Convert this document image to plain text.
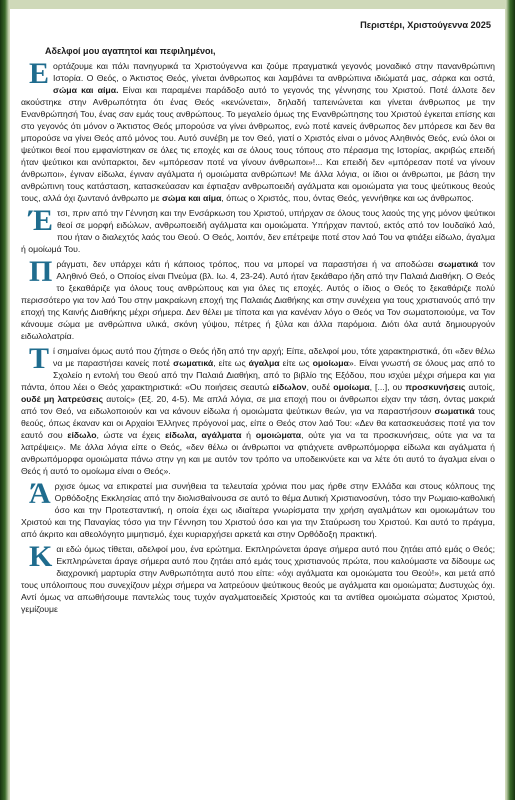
Περιστέρι, Χριστούγεννα 2025
Αδελφοί μου αγαπητοί και πεφιλημένοι,
Εορτάζουμε και πάλι πανηγυρικά τα Χριστούγεννα και ζούμε πραγματικά γεγονός μοναδικό στην πανανθρώπινη Ιστορία. Ο Θεός, ο Άκτιστος Θεός, γίνεται άνθρωπος και λαμβάνει τα ανθρώπινα ιδιώματά μας, σάρκα και οστά, σώμα και αίμα. Είναι και παραμένει παράδοξο αυτό το γεγονός της γέννησης του Χριστού. Ποτέ άλλοτε δεν ακούστηκε στην Ανθρωπότητα ότι ένας Θεός «κενώνεται», δηλαδή ταπεινώνεται και γίνεται άνθρωπος με την Ενανθρώπησή Του, ένας σαν εμάς τους ανθρώπους. Το μεγαλείο όμως της Ενανθρώπησης του Χριστού έγκειται επίσης και στο γεγονός ότι μόνον ο Άκτιστος Θεός μπορούσε να γίνει άνθρωπος, ενώ ποτέ κανείς άνθρωπος δεν μπόρεσε και δεν θα μπορούσε να γίνει Θεός από μόνος του. Αυτό συνέβη με τον Θεό, γιατί ο Χριστός είναι ο μόνος Αληθινός Θεός, ενώ όλοι οι ψεύτικοι θεοί που εμφανίστηκαν σε όλες τις εποχές και σε όλους τους τόπους στο πέρασμα της Ιστορίας, ακριβώς επειδή ήταν ψεύτικοι και ανύπαρκτοι, δεν «μπόρεσαν ποτέ να γίνουν άνθρωποι»!... Και επειδή δεν «μπόρεσαν ποτέ να γίνουν άνθρωποι», έγιναν είδωλα, έγιναν αγάλματα ή ομοιώματα ανθρώπων! Με άλλα λόγια, οι ίδιοι οι άνθρωποι, με βάση την ανθρώπινη τους κατάσταση, κατασκεύασαν και έφτιαξαν ανθρωποειδή αγάλματα και ομοιώματα για τους ψεύτικους θεούς τους, αλλά όχι ζωντανό άνθρωπο με σώμα και αίμα, όπως ο Χριστός, που, όντας Θεός, γεννήθηκε και ως άνθρωπος.
Έτσι, πριν από την Γέννηση και την Ενσάρκωση του Χριστού, υπήρχαν σε όλους τους λαούς της γης μόνον ψεύτικοι θεοί σε μορφή ειδώλων, ανθρωποειδή αγάλματα και ομοιώματα. Υπήρχαν παντού, εκτός από τον Ιουδαϊκό λαό, που ήταν ο διαλεχτός λαός του Θεού. Ο Θεός, λοιπόν, δεν επέτρεψε ποτέ στον λαό Του να φτιάξει είδωλο, άγαλμα ή ομοίωμά Του.
Πράγματι, δεν υπάρχει κάτι ή κάποιος τρόπος, που να μπορεί να παραστήσει ή να αποδώσει σωματικά τον Αληθινό Θεό, ο Οποίος είναι Πνεύμα (βλ. Ιω. 4, 23-24). Αυτό ήταν ξεκάθαρο ήδη από την Παλαιά Διαθήκη. Ο Θεός το ξεκαθάριζε για όλους τους ανθρώπους και για όλες τις εποχές. Αυτός ο ίδιος ο Θεός το ξεκαθάριζε πολύ περισσότερο για τον λαό Του στην μακραίωνη εποχή της Παλαιάς Διαθήκης και στην συνέχεια για τους χριστιανούς από την εποχή της Καινής Διαθήκης μέχρι σήμερα. Δεν θέλει με τίποτα και για κανέναν λόγο ο Θεός να Τον σωματοποιούμε, να Τον κάνουμε σώμα με ανθρώπινα υλικά, σκόνη γύψου, πέτρες ή ξύλα και άλλα παρόμοια. Διότι όλα αυτά δημιουργούν ειδωλολατρία.
Τί σημαίνει όμως αυτό που ζήτησε ο Θεός ήδη από την αρχή; Είπε, αδελφοί μου, τότε χαρακτηριστικά, ότι «δεν θέλω να με παραστήσει κανείς ποτέ σωματικά, είτε ως άγαλμα είτε ως ομοίωμα». Είναι γνωστή σε όλους μας από το Σχολείο η εντολή του Θεού από την Παλαιά Διαθήκη, από το βιβλίο της Εξόδου, που ισχύει μέχρι σήμερα και για πάντα, όπου λέει ο Θεός χαρακτηριστικά: «Ου ποιήσεις σεαυτώ είδωλον, ουδέ ομοίωμα, [...], ου προσκυνήσεις αυτοίς, ουδέ μη λατρεύσεις αυτοίς» (Εξ. 20, 4-5). Με απλά λόγια, σε μια εποχή που οι άνθρωποι είχαν την τάση, όντας μακριά από τον Θεό, να ειδωλοποιούν και να κάνουν είδωλα ή ομοιώματα ψεύτικων θεών, για να παραστήσουν σωματικά τους θεούς, όπως έκαναν και οι Αρχαίοι Έλληνες πρόγονοί μας, είπε ο Θεός στον λαό Του: «Δεν θα κατασκευάσεις ποτέ για τον εαυτό σου είδωλο, ώστε να έχεις είδωλα, αγάλματα ή ομοιώματα, ούτε για να τα προσκυνήσεις, ούτε για να τα λατρέψεις». Με άλλα λόγια είπε ο Θεός, «δεν θέλω οι άνθρωποι να φτιάχνετε ανθρωπόμορφα είδωλα και αγάλματα ή ανθρωπόμορφα ομοιώματα πάνω στην γη και με αυτόν τον τρόπο να υποδεικνύετε και να λέτε ότι αυτό το άγαλμα είναι ο Θεός ή αυτό το ομοίωμα είναι ο Θεός».
Άρχισε όμως να επικρατεί μια συνήθεια τα τελευταία χρόνια που μας ήρθε στην Ελλάδα και στους κόλπους της Ορθόδοξης Εκκλησίας από την διολισθαίνουσα σε αυτό το θέμα Δυτική Χριστιανοσύνη, τόσο την Ρωμαιο-καθολική όσο και την Προτεσταντική, η οποία έχει ως ιδιαίτερα γνωρίσματα την χρήση αγαλμάτων και ομοιωμάτων του Χριστού και της Παναγίας τόσο για την Γέννηση του Χριστού όσο και για την Σταύρωση του Χριστού. Και αυτό το πράγμα, από άκριτο και αθεολόγητο μιμητισμό, έχει κυριαρχήσει αρκετά και στην Ορθόδοξη πρακτική.
Και εδώ όμως τίθεται, αδελφοί μου, ένα ερώτημα. Εκπληρώνεται άραγε σήμερα αυτό που ζητάει από εμάς ο Θεός; Εκπληρώνεται άραγε σήμερα αυτό που ζητάει από εμάς τους χριστιανούς πρώτα, που καλούμαστε να δίδουμε ως διαχρονική μαρτυρία στην Ανθρωπότητα αυτό που είπε: «όχι αγάλματα και ομοιώματα του Θεού!», και μετά από τους υπόλοιπους που συνεχίζουν μέχρι σήμερα να λατρεύουν ψεύτικους θεούς με αγάλματα και ομοιώματα; Δυστυχώς όχι. Αντί όμως να απωθήσουμε παντελώς τους τυχόν αγαλματοειδείς Χριστούς και τα αντίθεα ομοιώματα σώματος Χριστού, γεμίζουμε
